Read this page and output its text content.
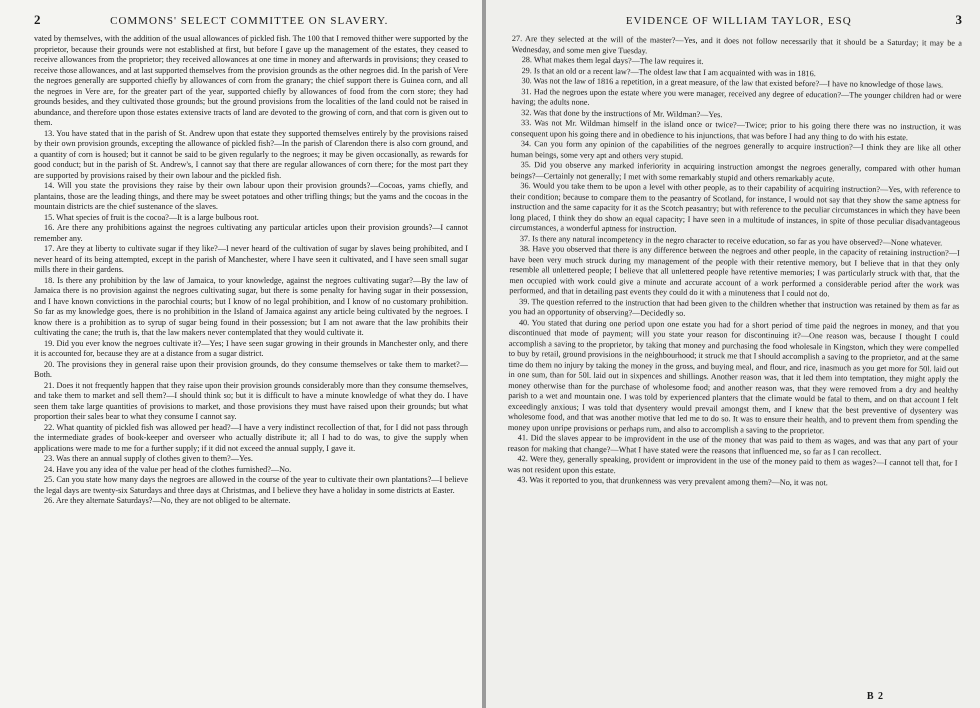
2	COMMONS' SELECT COMMITTEE ON SLAVERY.

vated by themselves, with the addition of the usual allowances of pickled fish. The 100 that I removed thither were supported by the proprietor, because their grounds were not established at first, but before I gave up the management of the estates, they ceased to receive allowances from the proprietor; they received allowances at one time in money and afterwards in provisions; they ceased to receive those allowances, and at last supported themselves from the provision grounds as the other negroes did. In the parish of Vere the negroes generally are supported chiefly by allowances of corn from the granary; the chief support there is Guinea corn, and all the negroes in Vere are, for the greater part of the year, supported chiefly by allowances of food from the corn store; they had grounds besides, and they cultivated those grounds; but the ground provisions from the localities of the land could not be raised in abundance, and therefore upon those estates extensive tracts of land are devoted to the growing of corn, and that corn is given out to them.

13. You have stated that in the parish of St. Andrew upon that estate they supported themselves entirely by the provisions raised by their own provision grounds, excepting the allowance of pickled fish?—In the parish of Clarendon there is also corn ground, and a quantity of corn is housed; but it cannot be said to be given regularly to the negroes; it may be given occasionally, as rewards for good conduct; but in the parish of St. Andrew's, I cannot say that there are regular allowances of corn there; for the most part they are supported by provisions raised by their own labour and the pickled fish.

14. Will you state the provisions they raise by their own labour upon their provision grounds?—Cocoas, yams chiefly, and plantains, those are the leading things, and there may be sweet potatoes and other trifling things; but the yams and the cocoas in the mountain districts are the chief sustenance of the slaves.

15. What species of fruit is the cocoa?—It is a large bulbous root.

16. Are there any prohibitions against the negroes cultivating any particular articles upon their provision grounds?—I cannot remember any.

17. Are they at liberty to cultivate sugar if they like?—I never heard of the cultivation of sugar by slaves being prohibited, and I never heard of its being attempted, except in the parish of Manchester, where I have seen it cultivated, and I have seen small sugar mills there in their gardens.

18. Is there any prohibition by the law of Jamaica, to your knowledge, against the negroes cultivating sugar?—By the law of Jamaica there is no provision against the negroes cultivating sugar, but there is some penalty for having sugar in their possession, and I have known convictions in the parochial courts; but I know of no legal prohibition, and I know of no customary prohibition. So far as my knowledge goes, there is no prohibition in the Island of Jamaica against any article being cultivated by the negroes. I know there is a prohibition as to syrup of sugar being found in their possession; but I am not aware that the law prohibits their cultivating the cane; the truth is, that the law makers never contemplated that they would cultivate it.

19. Did you ever know the negroes cultivate it?—Yes; I have seen sugar growing in their grounds in Manchester only, and there it is accounted for, because they are at a distance from a sugar district.

20. The provisions they in general raise upon their provision grounds, do they consume themselves or take them to market?—Both.

21. Does it not frequently happen that they raise upon their provision grounds considerably more than they consume themselves, and take them to market and sell them?—I should think so; but it is difficult to have a minute knowledge of what they do. I have seen them take large quantities of provisions to market, and those provisions they must have raised upon their grounds; but what proportion their sales bear to what they consume I cannot say.

22. What quantity of pickled fish was allowed per head?—I have a very indistinct recollection of that, for I did not pass through the intermediate grades of book-keeper and overseer who actually distribute it; all I had to do was, to give the supply when applications were made to me for a further supply; if it did not exceed the annual supply, I gave it.

23. Was there an annual supply of clothes given to them?—Yes.

24. Have you any idea of the value per head of the clothes furnished?—No.

25. Can you state how many days the negroes are allowed in the course of the year to cultivate their own plantations?—I believe the legal days are twenty-six Saturdays and three days at Christmas, and I believe they have a holiday in some districts at Easter.

26. Are they alternate Saturdays?—No, they are not obliged to be alternate.

EVIDENCE OF WILLIAM TAYLOR, ESQ	3

27. Are they selected at the will of the master?—Yes, and it does not follow necessarily that it should be a Saturday; it may be a Wednesday, and some men give Tuesday.

28. What makes them legal days?—The law requires it.

29. Is that an old or a recent law?—The oldest law that I am acquainted with was in 1816.

30. Was not the law of 1816 a repetition, in a great measure, of the law that existed before?—I have no knowledge of those laws.

31. Had the negroes upon the estate where you were manager, received any degree of education?—The younger children had or were having; the adults none.

32. Was that done by the instructions of Mr. Wildman?—Yes.

33. Was not Mr. Wildman himself in the island once or twice?—Twice; prior to his going there there was no instruction, it was consequent upon his going there and in obedience to his injunctions, that was before I had any thing to do with his estate.

34. Can you form any opinion of the capabilities of the negroes generally to acquire instruction?—I think they are like all other human beings, some very apt and others very stupid.

35. Did you observe any marked inferiority in acquiring instruction amongst the negroes generally, compared with other human beings?—Certainly not generally; I met with some remarkably stupid and others remarkably acute.

36. Would you take them to be upon a level with other people, as to their capability of acquiring instruction?—Yes, with reference to their condition; because to compare them to the peasantry of Scotland, for instance, I would not say that they show the same aptness for instruction and the same capacity for it as the Scotch peasantry; but with reference to the peculiar circumstances in which they have been long placed, I think they do show an equal capacity; I have seen in a multitude of instances, in spite of those peculiar disadvantageous circumstances, a wonderful aptness for instruction.

37. Is there any natural incompetency in the negro character to receive education, so far as you have observed?—None whatever.

38. Have you observed that there is any difference between the negroes and other people, in the capacity of retaining instruction?—I have been very much struck during my management of the people with their retentive memory, but I believe that in that they only resemble all unlettered people; I believe that all unlettered people have retentive memories; I was particularly struck with that, that the men occupied with work could give a minute and accurate account of a work performed a considerable period after the work was performed, and that in detailing past events they could do it with a minuteness that I could not do.

39. The question referred to the instruction that had been given to the children whether that instruction was retained by them as far as you had an opportunity of observing?—Decidedly so.

40. You stated that during one period upon one estate you had for a short period of time paid the negroes in money, and that you discontinued that mode of payment; will you state your reason for discontinuing it?—One reason was, because I thought I could accomplish a saving to the proprietor, by taking that money and purchasing the food wholesale in Kingston, which they were compelled to buy by retail, ground provisions in the neighbourhood; it struck me that I should accomplish a saving to the proprietor, and at the same time do them no injury by taking the money in the gross, and buying meal, and flour, and rice, inasmuch as you get more for 50l. laid out in one sum, than for 50l. laid out in sixpences and shillings. Another reason was, that it led them into temptation, they might apply the money otherwise than for the purchase of wholesome food; and another reason was, that they were removed from a dry and healthy parish to a wet and mountain one. I was told by experienced planters that the climate would be fatal to them, and on that account I felt exceedingly anxious; I was told that dysentery would prevail amongst them, and I knew that the best preventive of dysentery was wholesome food, and that was another motive that led me to do so. It was to ensure their health, and to prevent them from spending the money upon unripe provisions or perhaps rum, and also to accomplish a saving to the proprietor.

41. Did the slaves appear to be improvident in the use of the money that was paid to them as wages, and was that any part of your reason for making that change?—What I have stated were the reasons that influenced me, so far as I can recollect.

42. Were they, generally speaking, provident or improvident in the use of the money paid to them as wages?—I cannot tell that, for I was not resident upon this estate.

43. Was it reported to you, that drunkenness was very prevalent among them?—No, it was not.

B 2
